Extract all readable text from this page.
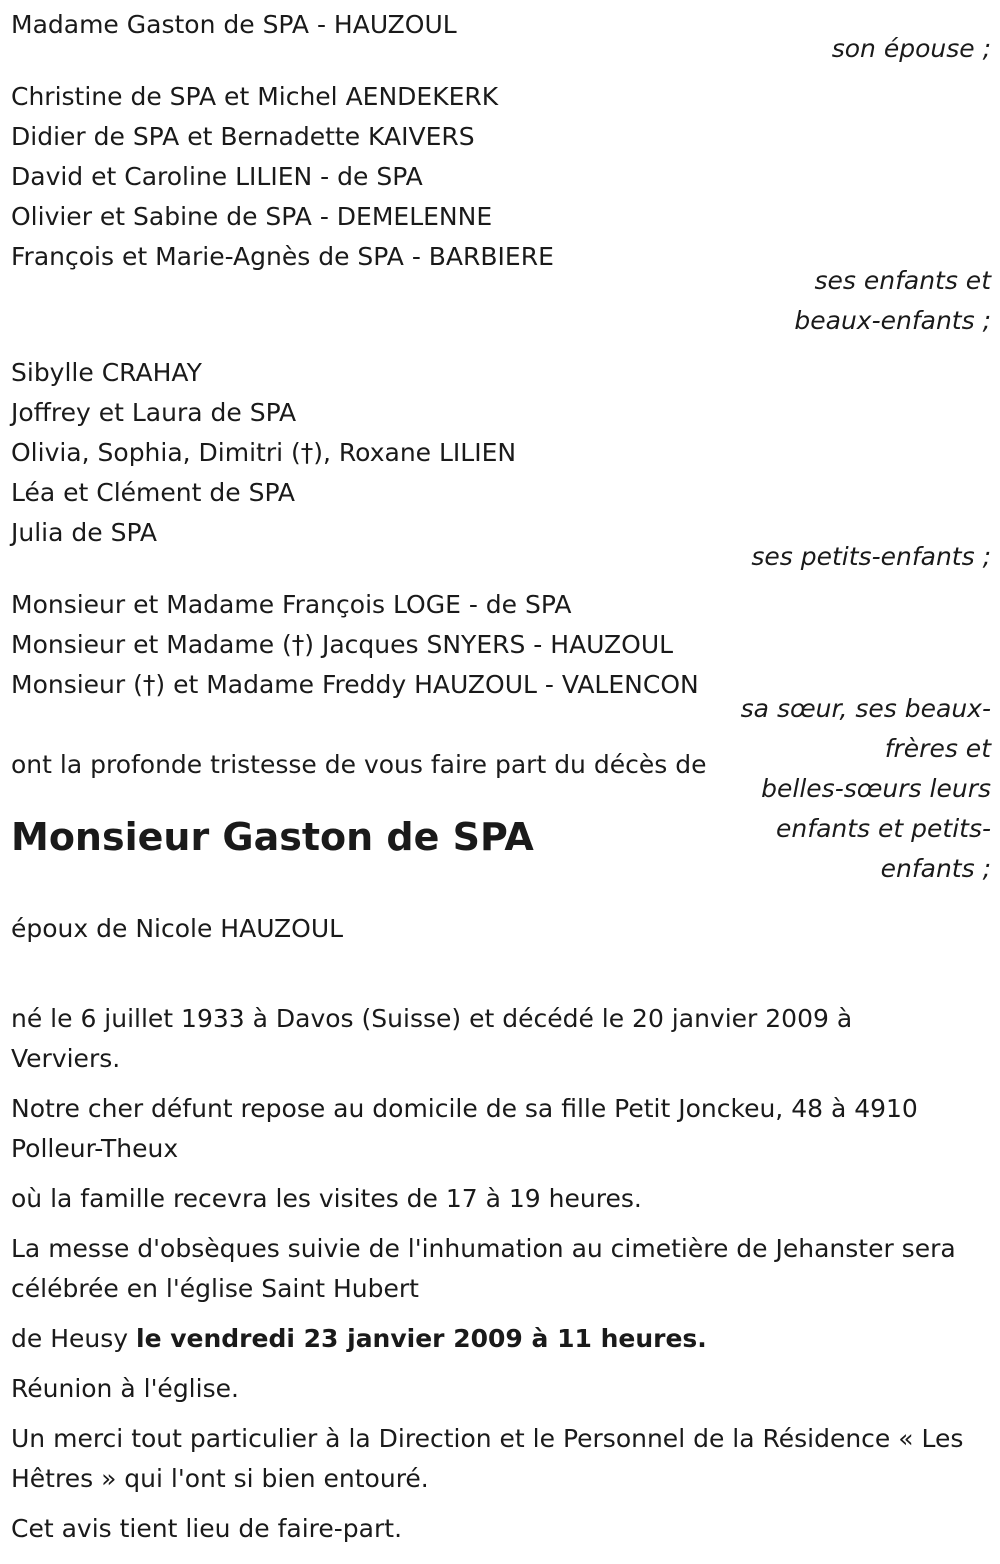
Madame Gaston de SPA - HAUZOUL
son épouse ;
Christine de SPA et Michel AENDEKERK
Didier de SPA et Bernadette KAIVERS
David et Caroline LILIEN - de SPA
Olivier et Sabine de SPA - DEMELENNE
François et Marie-Agnès de SPA - BARBIERE
ses enfants et
beaux-enfants ;
Sibylle CRAHAY
Joffrey et Laura de SPA
Olivia, Sophia, Dimitri (†), Roxane LILIEN
Léa et Clément de SPA
Julia de SPA
ses petits-enfants ;
Monsieur et Madame François LOGE - de SPA
Monsieur et Madame (†) Jacques SNYERS - HAUZOUL
Monsieur (†) et Madame Freddy HAUZOUL - VALENCON
sa sœur, ses beaux-
frères et
belles-sœurs leurs
enfants et petits-
enfants ;
ont la profonde tristesse de vous faire part du décès de
Monsieur Gaston de SPA
époux de Nicole HAUZOUL
né le 6 juillet 1933 à Davos (Suisse) et décédé le 20 janvier 2009 à Verviers.
Notre cher défunt repose au domicile de sa fille Petit Jonckeu, 48 à 4910 Polleur-Theux
où la famille recevra les visites de 17 à 19 heures.
La messe d'obsèques suivie de l'inhumation au cimetière de Jehanster sera célébrée en l'église Saint Hubert
de Heusy le vendredi 23 janvier 2009 à 11 heures.
Réunion à l'église.
Un merci tout particulier à la Direction et le Personnel de la Résidence « Les Hêtres » qui l'ont si bien entouré.
Cet avis tient lieu de faire-part.
